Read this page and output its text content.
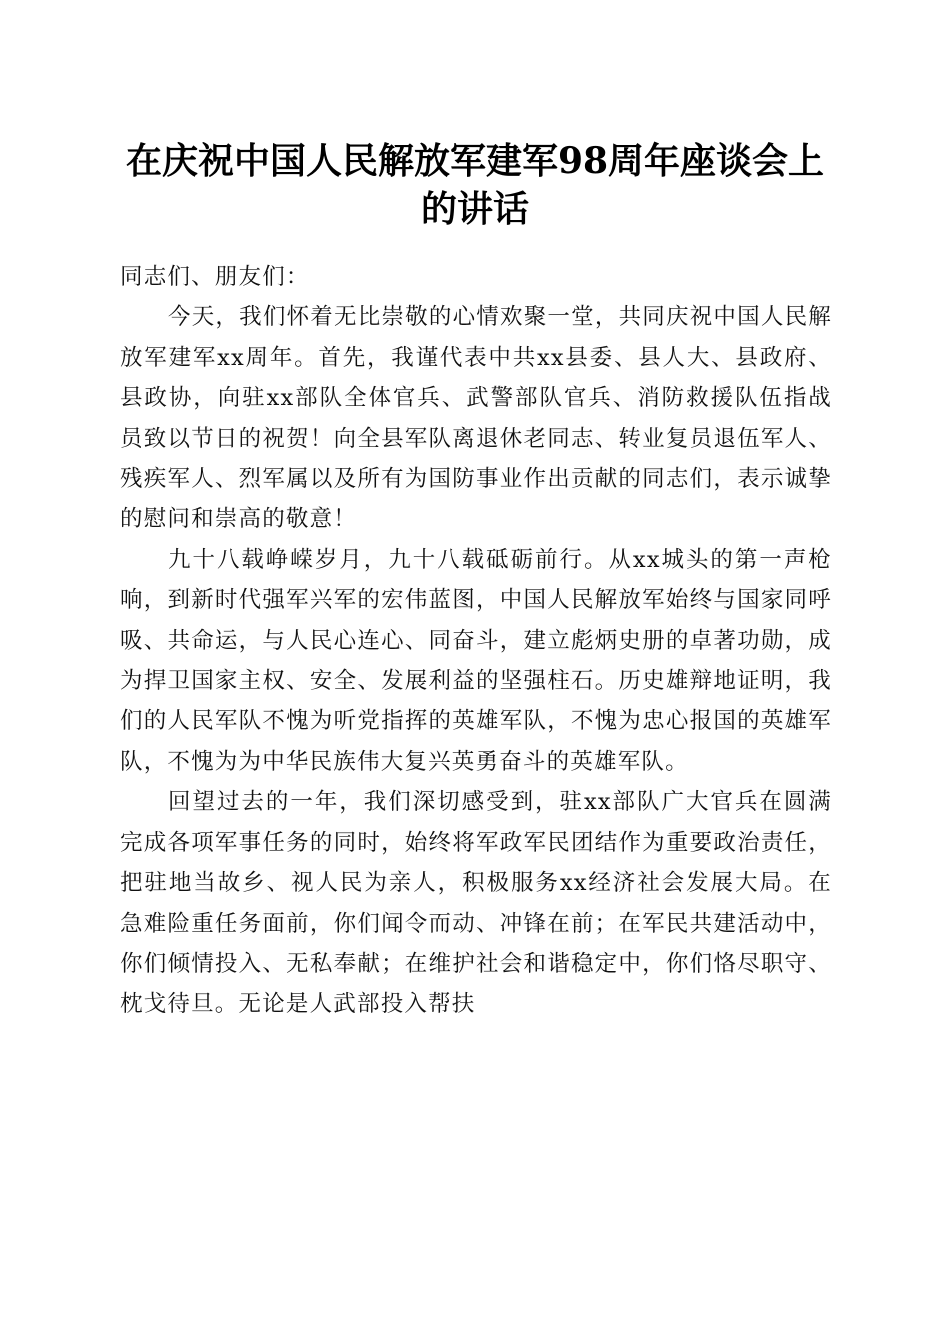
在庆祝中国人民解放军建军98周年座谈会上的讲话

同志们、朋友们：

今天，我们怀着无比崇敬的心情欢聚一堂，共同庆祝中国人民解放军建军xx周年。首先，我谨代表中共xx县委、县人大、县政府、县政协，向驻xx部队全体官兵、武警部队官兵、消防救援队伍指战员致以节日的祝贺！向全县军队离退休老同志、转业复员退伍军人、残疾军人、烈军属以及所有为国防事业作出贡献的同志们，表示诚挚的慰问和崇高的敬意！

九十八载峥嵘岁月，九十八载砥砺前行。从xx城头的第一声枪响，到新时代强军兴军的宏伟蓝图，中国人民解放军始终与国家同呼吸、共命运，与人民心连心、同奋斗，建立彪炳史册的卓著功勋，成为捍卫国家主权、安全、发展利益的坚强柱石。历史雄辩地证明，我们的人民军队不愧为听党指挥的英雄军队，不愧为忠心报国的英雄军队，不愧为为中华民族伟大复兴英勇奋斗的英雄军队。

回望过去的一年，我们深切感受到，驻xx部队广大官兵在圆满完成各项军事任务的同时，始终将军政军民团结作为重要政治责任，把驻地当故乡、视人民为亲人，积极服务xx经济社会发展大局。在急难险重任务面前，你们闻令而动、冲锋在前；在军民共建活动中，你们倾情投入、无私奉献；在维护社会和谐稳定中，你们恪尽职守、枕戈待旦。无论是人武部投入帮扶
